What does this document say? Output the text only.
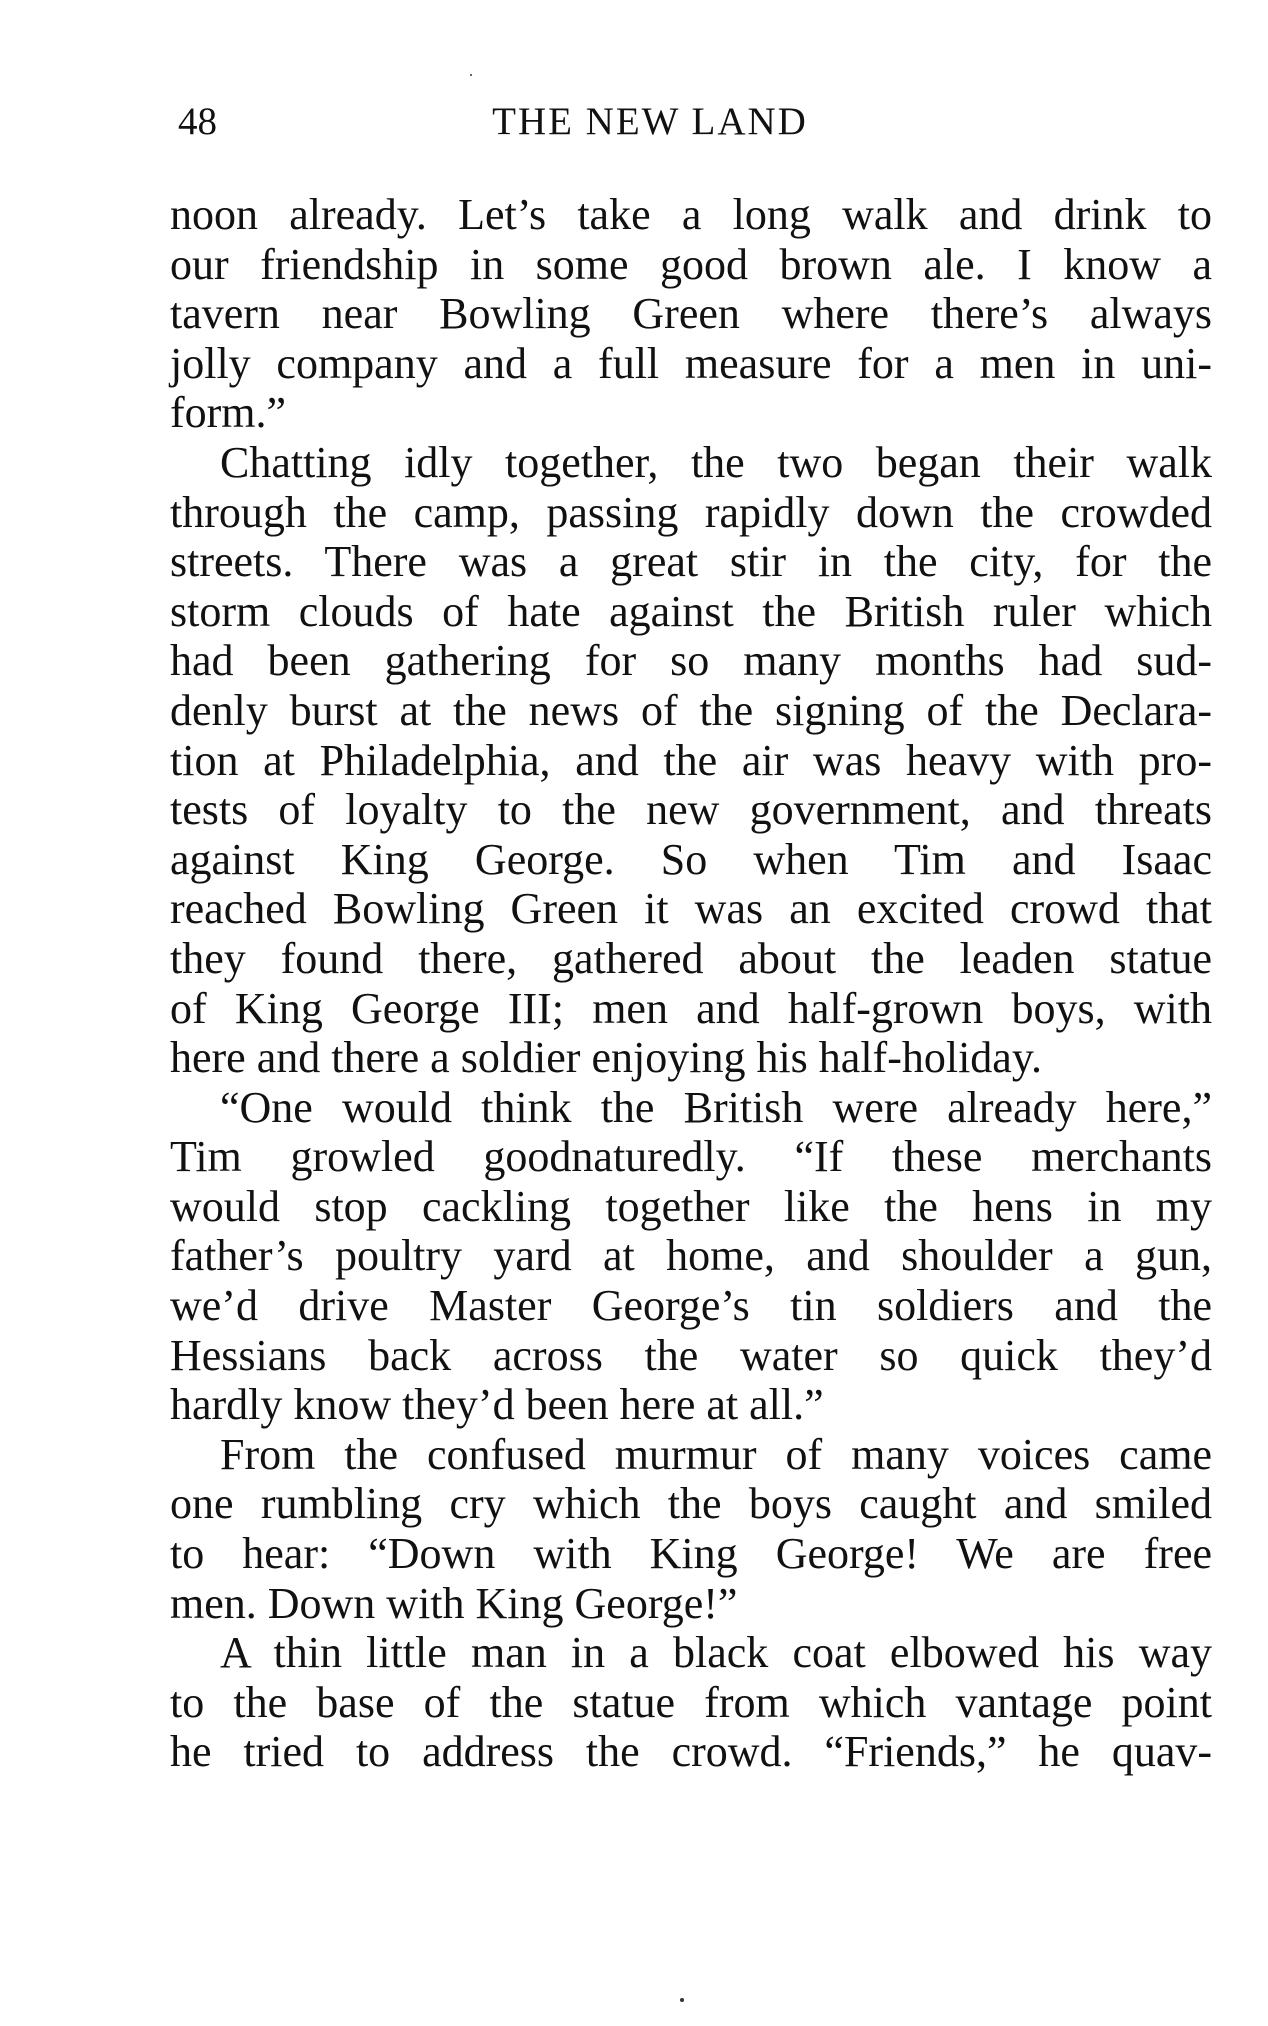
48	THE NEW LAND
noon already. Let’s take a long walk and drink to
our friendship in some good brown ale. I know a
tavern near Bowling Green where there’s always
jolly company and a full measure for a men in uni-
form.”
Chatting idly together, the two began their walk
through the camp, passing rapidly down the crowded
streets. There was a great stir in the city, for the
storm clouds of hate against the British ruler which
had been gathering for so many months had sud-
denly burst at the news of the signing of the Declara-
tion at Philadelphia, and the air was heavy with pro-
tests of loyalty to the new government, and threats
against King George. So when Tim and Isaac
reached Bowling Green it was an excited crowd that
they found there, gathered about the leaden statue
of King George III; men and half-grown boys, with
here and there a soldier enjoying his half-holiday.
“One would think the British were already here,”
Tim growled goodnaturedly. “If these merchants
would stop cackling together like the hens in my
father’s poultry yard at home, and shoulder a gun,
we’d drive Master George’s tin soldiers and the
Hessians back across the water so quick they’d
hardly know they’d been here at all.”
From the confused murmur of many voices came
one rumbling cry which the boys caught and smiled
to hear: “Down with King George! We are free
men. Down with King George!”
A thin little man in a black coat elbowed his way
to the base of the statue from which vantage point
he tried to address the crowd. “Friends,” he quav-
